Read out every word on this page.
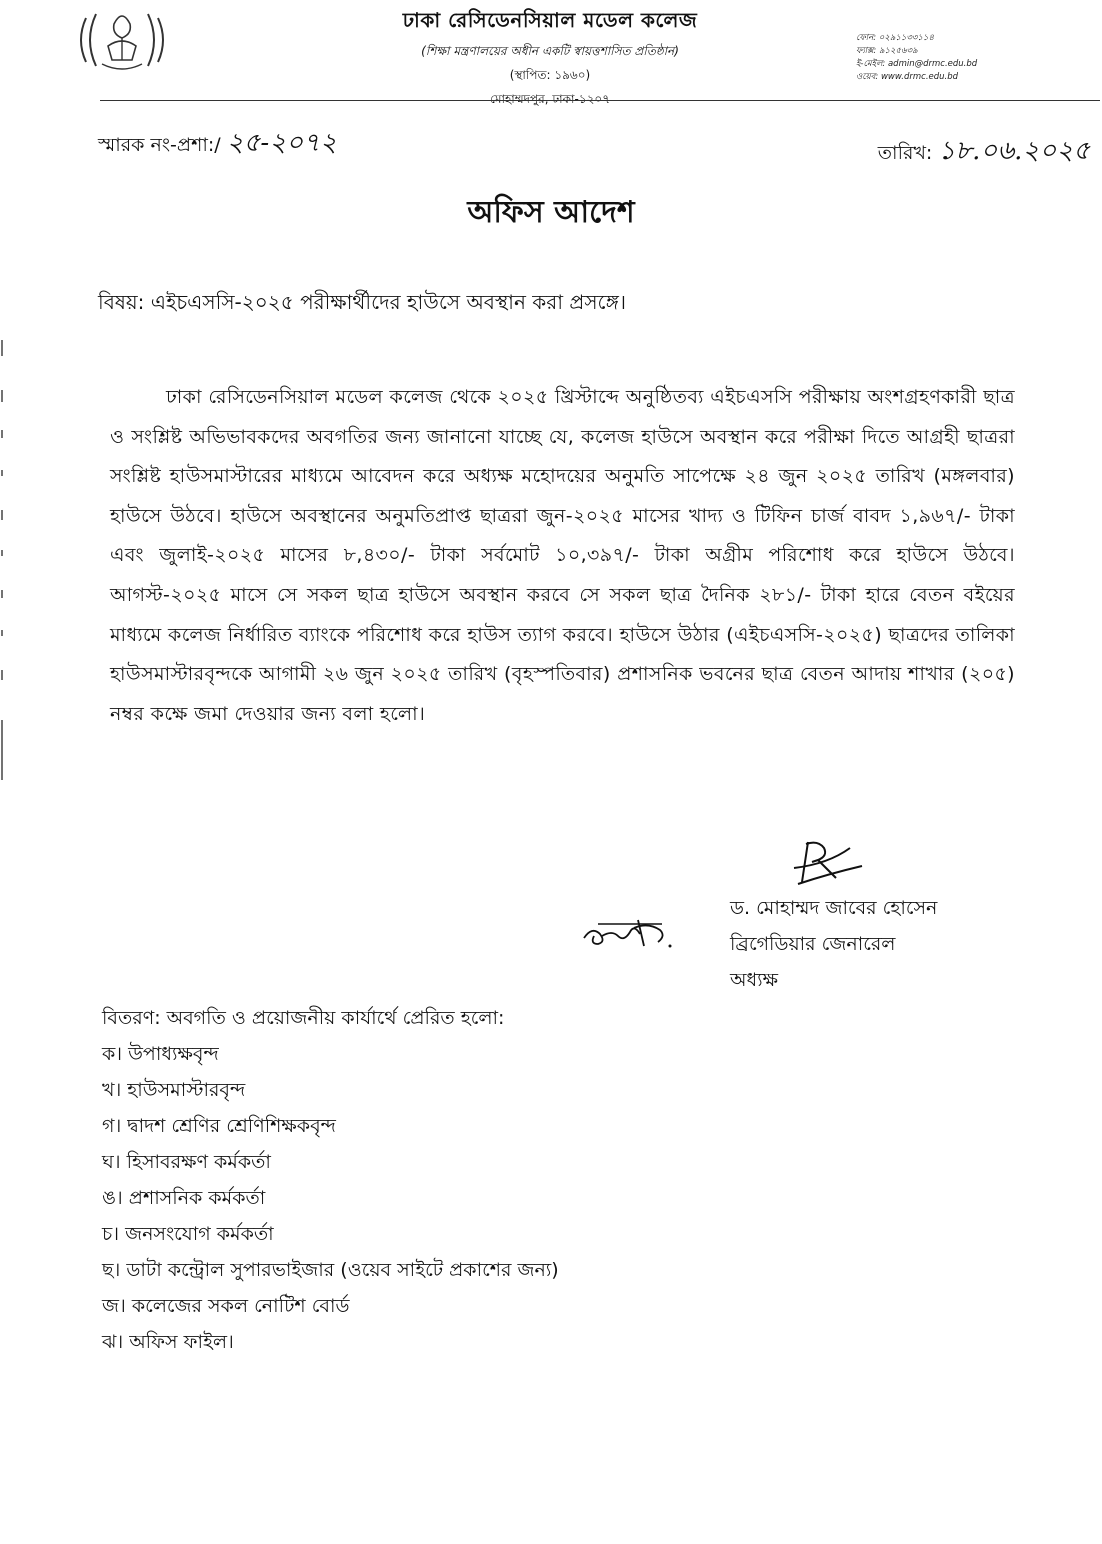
ঢাকা রেসিডেনসিয়াল মডেল কলেজ
(শিক্ষা মন্ত্রণালয়ের অধীন একটি স্বায়ত্তশাসিত প্রতিষ্ঠান)
(স্থাপিত: ১৯৬০)
মোহাম্মদপুর, ঢাকা-১২০৭
ফোন: ০২৯১১৩৩১১৪
ফ্যাক্স: ৯১২৫৬৩৯
ই-মেইল: admin@drmc.edu.bd
ওয়েব: www.drmc.edu.bd
স্মারক নং-প্রশা:/ ২৫-২০৭২	তারিখ: ১৮.০৬.২০২৫
অফিস আদেশ
বিষয়: এইচএসসি-২০২৫ পরীক্ষার্থীদের হাউসে অবস্থান করা প্রসঙ্গে।
ঢাকা রেসিডেনসিয়াল মডেল কলেজ থেকে ২০২৫ খ্রিস্টাব্দে অনুষ্ঠিতব্য এইচএসসি পরীক্ষায় অংশগ্রহণকারী ছাত্র ও সংশ্লিষ্ট অভিভাবকদের অবগতির জন্য জানানো যাচ্ছে যে, কলেজ হাউসে অবস্থান করে পরীক্ষা দিতে আগ্রহী ছাত্ররা সংশ্লিষ্ট হাউসমাস্টারের মাধ্যমে আবেদন করে অধ্যক্ষ মহোদয়ের অনুমতি সাপেক্ষে ২৪ জুন ২০২৫ তারিখ (মঙ্গলবার) হাউসে উঠবে। হাউসে অবস্থানের অনুমতিপ্রাপ্ত ছাত্ররা জুন-২০২৫ মাসের খাদ্য ও টিফিন চার্জ বাবদ ১,৯৬৭/- টাকা এবং জুলাই-২০২৫ মাসের ৮,৪৩০/- টাকা সর্বমোট ১০,৩৯৭/- টাকা অগ্রীম পরিশোধ করে হাউসে উঠবে। আগস্ট-২০২৫ মাসে সে সকল ছাত্র হাউসে অবস্থান করবে সে সকল ছাত্র দৈনিক ২৮১/- টাকা হারে বেতন বইয়ের মাধ্যমে কলেজ নির্ধারিত ব্যাংকে পরিশোধ করে হাউস ত্যাগ করবে। হাউসে উঠার (এইচএসসি-২০২৫) ছাত্রদের তালিকা হাউসমাস্টারবৃন্দকে আগামী ২৬ জুন ২০২৫ তারিখ (বৃহস্পতিবার) প্রশাসনিক ভবনের ছাত্র বেতন আদায় শাখার (২০৫) নম্বর কক্ষে জমা দেওয়ার জন্য বলা হলো।
ড. মোহাম্মদ জাবের হোসেন
ব্রিগেডিয়ার জেনারেল
অধ্যক্ষ
বিতরণ: অবগতি ও প্রয়োজনীয় কার্যার্থে প্রেরিত হলো:
ক। উপাধ্যক্ষবৃন্দ
খ। হাউসমাস্টারবৃন্দ
গ। দ্বাদশ শ্রেণির শ্রেণিশিক্ষকবৃন্দ
ঘ। হিসাবরক্ষণ কর্মকর্তা
ঙ। প্রশাসনিক কর্মকর্তা
চ। জনসংযোগ কর্মকর্তা
ছ। ডাটা কন্ট্রোল সুপারভাইজার (ওয়েব সাইটে প্রকাশের জন্য)
জ। কলেজের সকল নোটিশ বোর্ড
ঝ। অফিস ফাইল।
